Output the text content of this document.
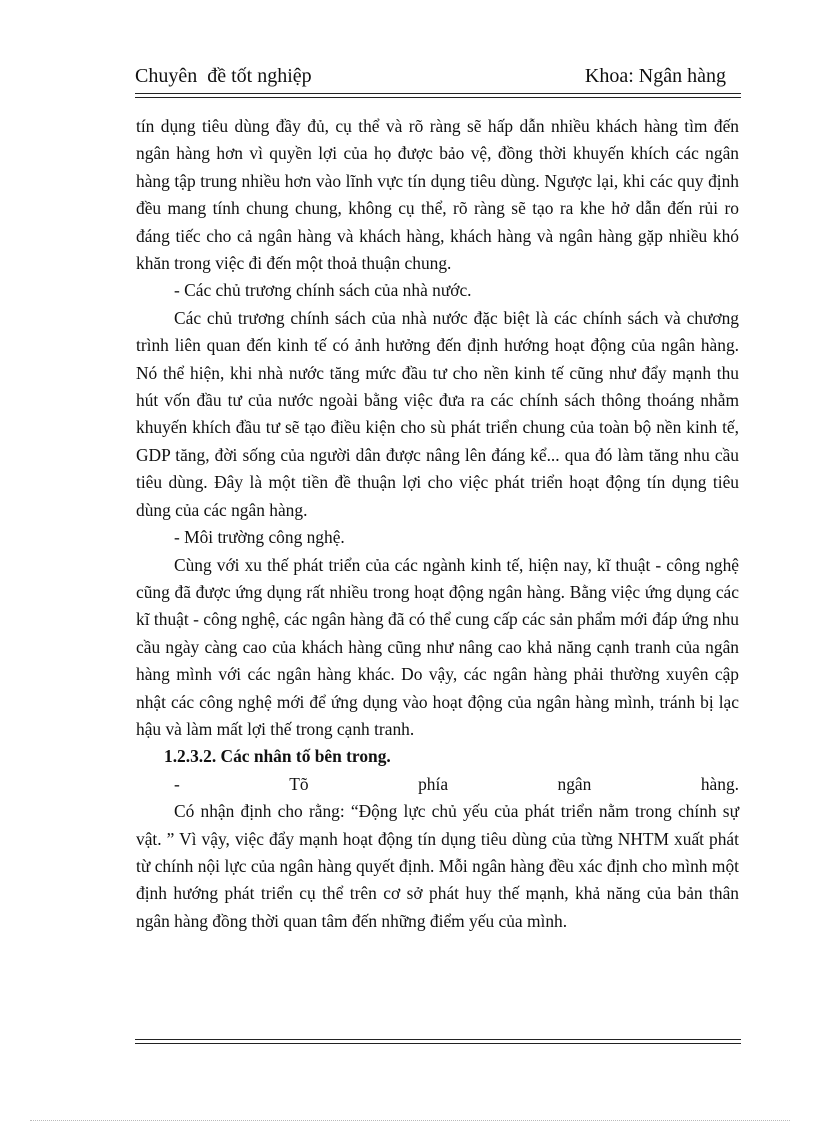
Chuyên  đề tốt nghiệp	Khoa: Ngân hàng

tín dụng tiêu dùng đầy đủ, cụ thể và rõ ràng sẽ hấp dẫn nhiều khách hàng tìm đến ngân hàng hơn vì quyền lợi của họ được bảo vệ, đồng thời khuyến khích các ngân hàng tập trung nhiều hơn vào lĩnh vực tín dụng tiêu dùng. Ngược lại, khi các quy định đều mang tính chung chung, không cụ thể, rõ ràng sẽ tạo ra khe hở dẫn đến rủi ro đáng tiếc cho cả ngân hàng và khách hàng, khách hàng và ngân hàng gặp nhiều khó khăn trong việc đi đến một thoả thuận chung.

- Các chủ trương chính sách của nhà nước.

Các chủ trương chính sách của nhà nước đặc biệt là các chính sách và chương trình liên quan đến kinh tế có ảnh hưởng đến định hướng hoạt động của ngân hàng. Nó thể hiện, khi nhà nước tăng mức đầu tư cho nền kinh tế cũng như đẩy mạnh thu hút vốn đầu tư của nước ngoài bằng việc đưa ra các chính sách thông thoáng nhằm khuyến khích đầu tư sẽ tạo điều kiện cho sù phát triển chung của toàn bộ nền kinh tế, GDP tăng, đời sống của người dân được nâng lên đáng kể... qua đó làm tăng nhu cầu tiêu dùng. Đây là một tiền đề thuận lợi cho việc phát triển hoạt động tín dụng tiêu dùng của các ngân hàng.

- Môi trường công nghệ.

Cùng với xu thế phát triển của các ngành kinh tế, hiện nay, kĩ thuật - công nghệ cũng đã được ứng dụng rất nhiều trong hoạt động ngân hàng. Bằng việc ứng dụng các kĩ thuật - công nghệ, các ngân hàng đã có thể cung cấp các sản phẩm mới đáp ứng nhu cầu ngày càng cao của khách hàng cũng như nâng cao khả năng cạnh tranh của ngân hàng mình với các ngân hàng khác. Do vậy, các ngân hàng phải thường xuyên cập nhật các công nghệ mới để ứng dụng vào hoạt động của ngân hàng mình, tránh bị lạc hậu và làm mất lợi thế trong cạnh tranh.

1.2.3.2. Các nhân tố bên trong.

-	Tõ	phía	ngân	hàng.

Có nhận định cho rằng: “Động lực chủ yếu của phát triển nằm trong chính sự vật. ” Vì vậy, việc đẩy mạnh hoạt động tín dụng tiêu dùng của từng NHTM xuất phát từ chính nội lực của ngân hàng quyết định. Mỗi ngân hàng đều xác định cho mình một định hướng phát triển cụ thể trên cơ sở phát huy thế mạnh, khả năng của bản thân ngân hàng đồng thời quan tâm đến những điểm yếu của mình.
